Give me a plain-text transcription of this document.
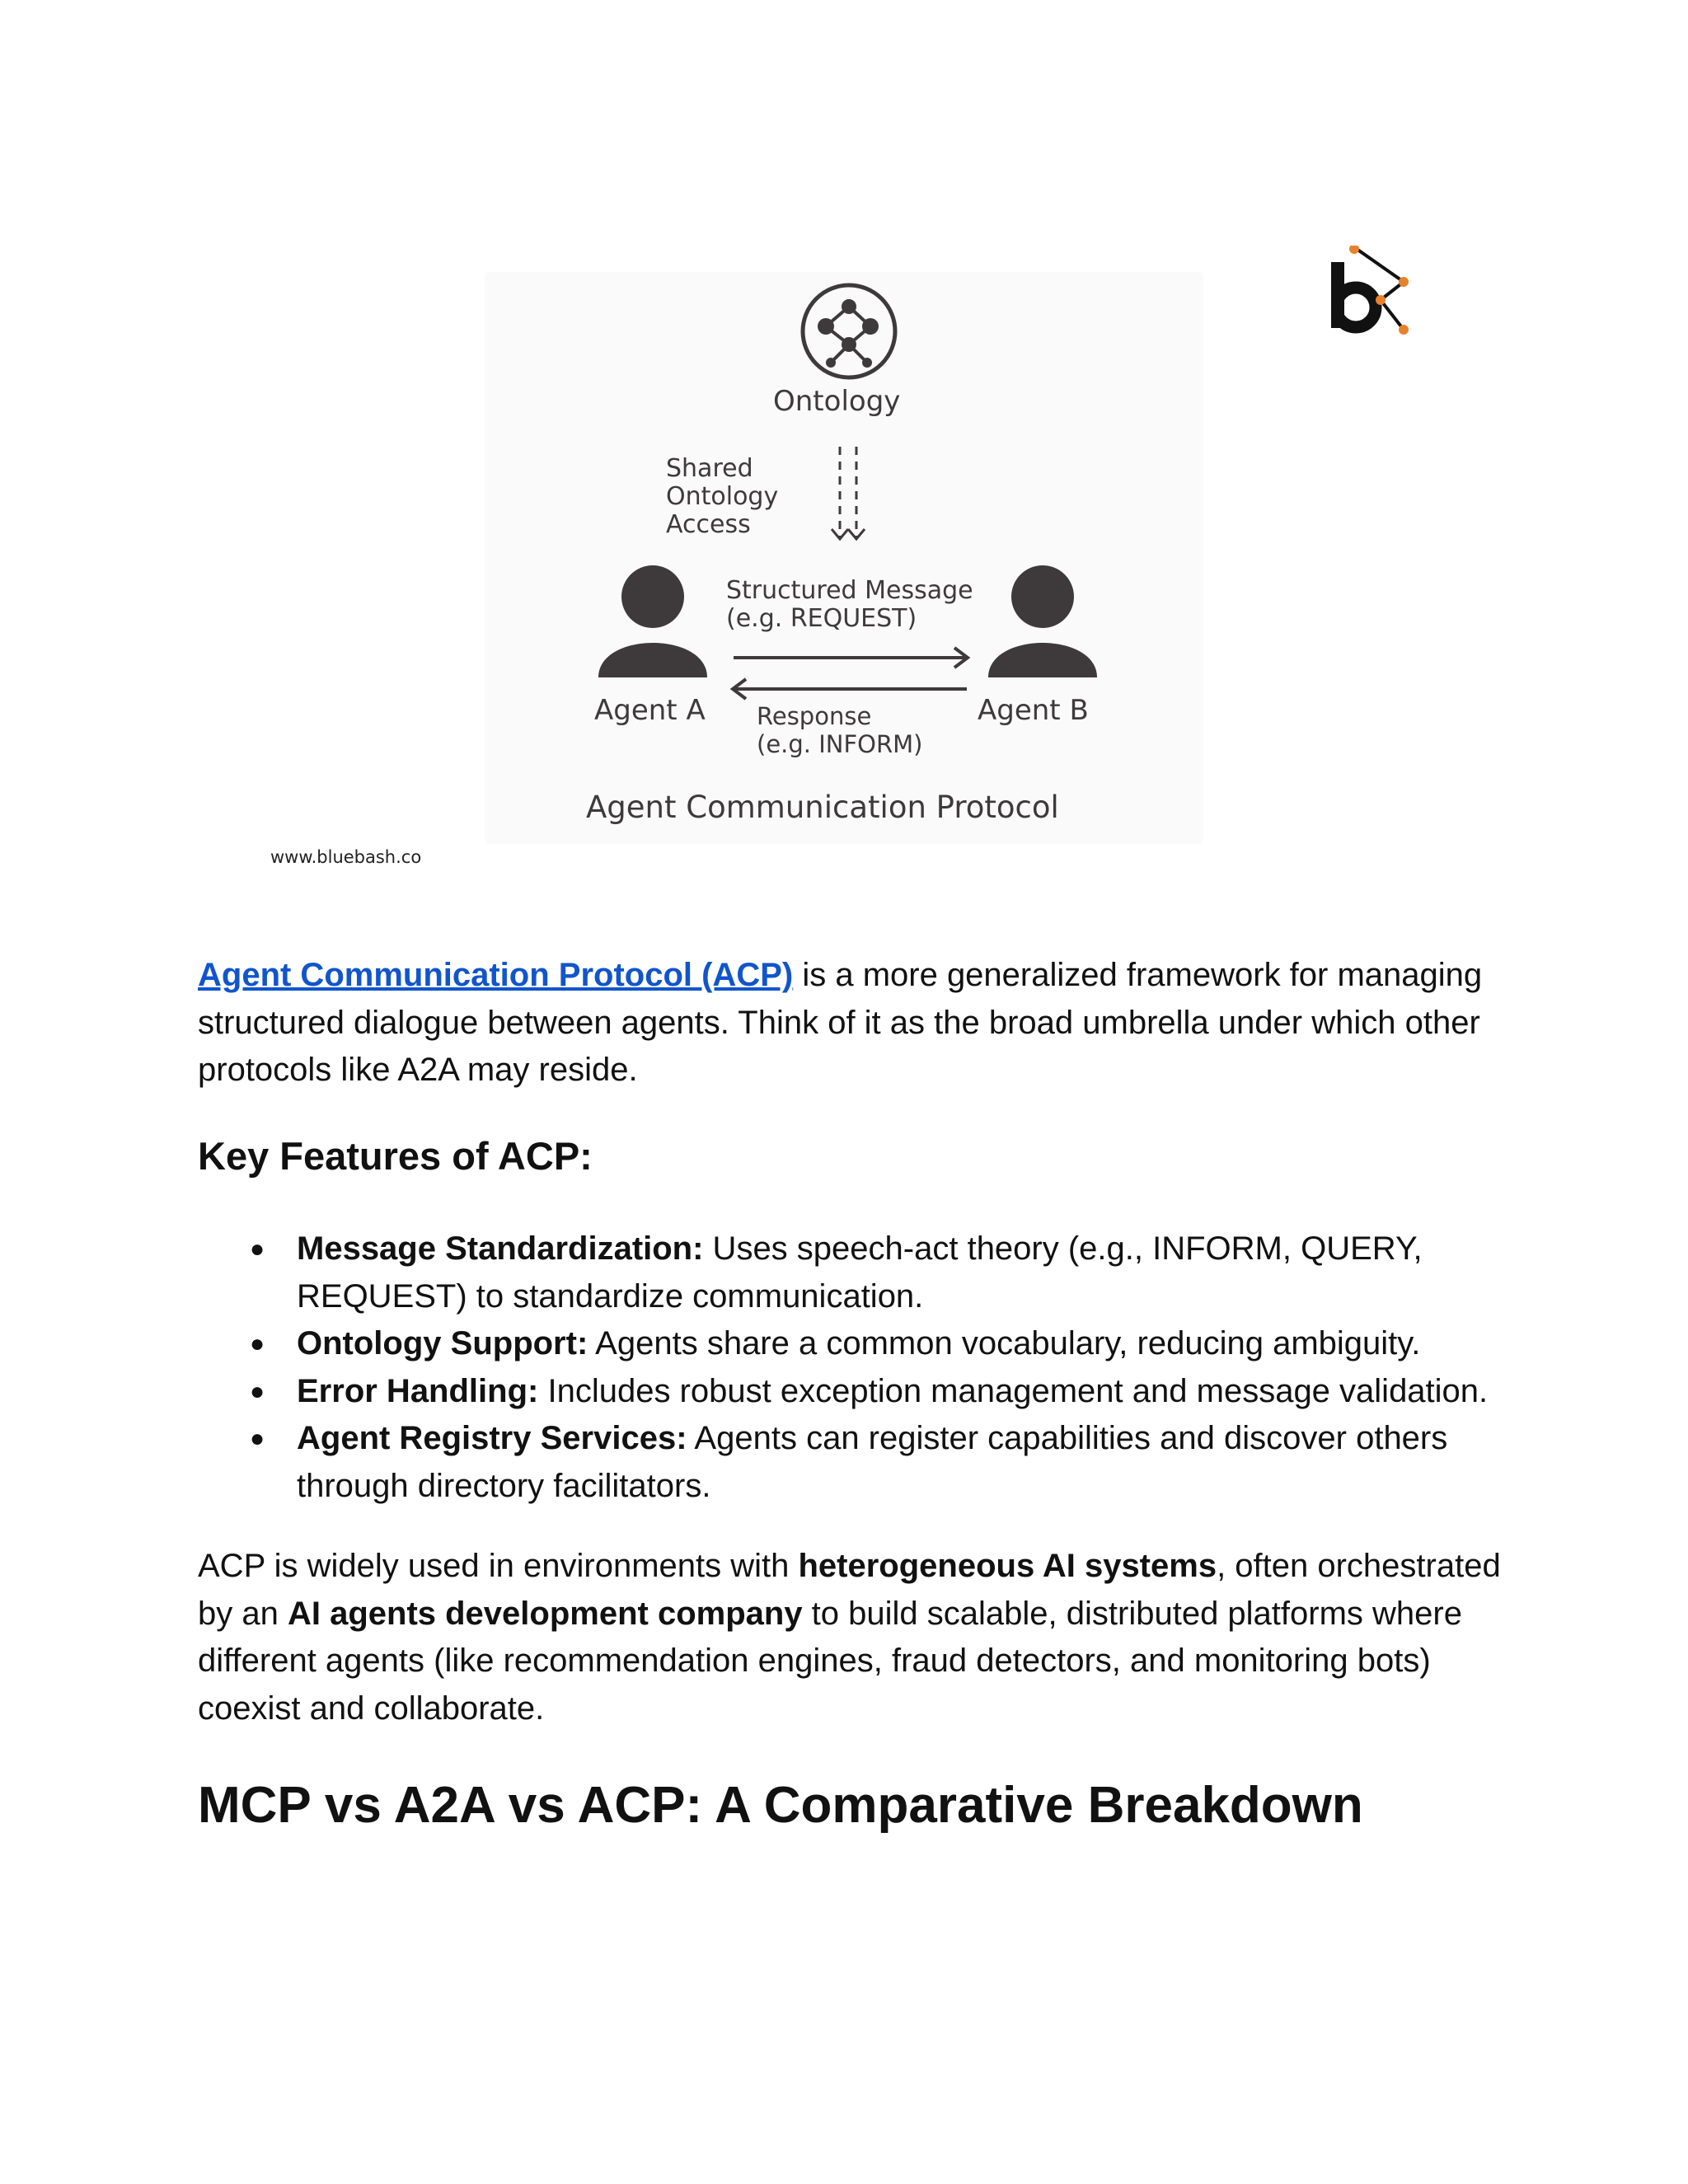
Ontology
Shared
Ontology
Access
Structured Message
(e.g. REQUEST)
Agent A	Agent B
Response
(e.g. INFORM)
Agent Communication Protocol
www.bluebash.co

Agent Communication Protocol (ACP) is a more generalized framework for managing structured dialogue between agents. Think of it as the broad umbrella under which other protocols like A2A may reside.

Key Features of ACP:
● Message Standardization: Uses speech-act theory (e.g., INFORM, QUERY, REQUEST) to standardize communication.
● Ontology Support: Agents share a common vocabulary, reducing ambiguity.
● Error Handling: Includes robust exception management and message validation.
● Agent Registry Services: Agents can register capabilities and discover others through directory facilitators.

ACP is widely used in environments with heterogeneous AI systems, often orchestrated by an AI agents development company to build scalable, distributed platforms where different agents (like recommendation engines, fraud detectors, and monitoring bots) coexist and collaborate.

MCP vs A2A vs ACP: A Comparative Breakdown
